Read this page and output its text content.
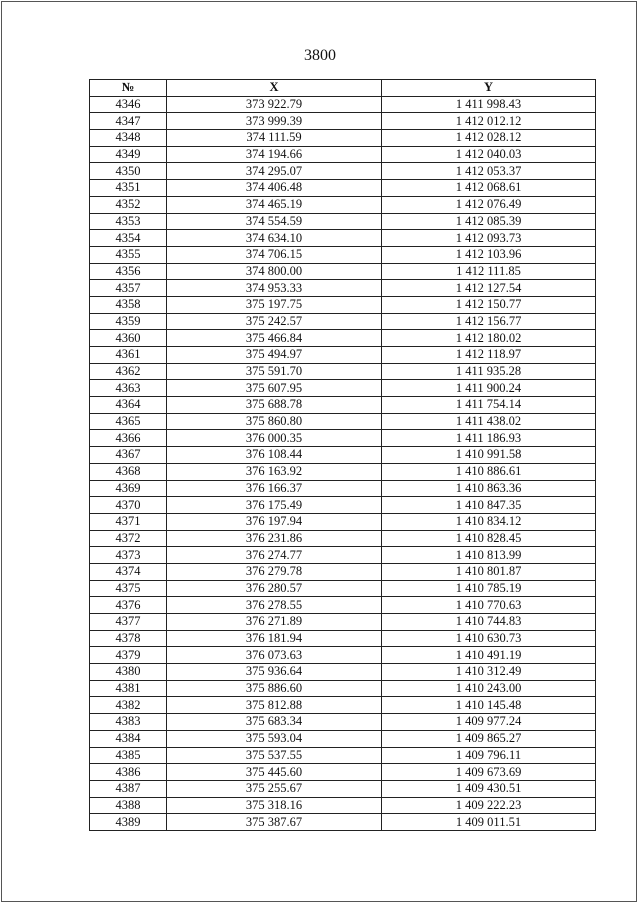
3800
№	X	Y
4346	373 922.79	1 411 998.43
4347	373 999.39	1 412 012.12
4348	374 111.59	1 412 028.12
4349	374 194.66	1 412 040.03
4350	374 295.07	1 412 053.37
4351	374 406.48	1 412 068.61
4352	374 465.19	1 412 076.49
4353	374 554.59	1 412 085.39
4354	374 634.10	1 412 093.73
4355	374 706.15	1 412 103.96
4356	374 800.00	1 412 111.85
4357	374 953.33	1 412 127.54
4358	375 197.75	1 412 150.77
4359	375 242.57	1 412 156.77
4360	375 466.84	1 412 180.02
4361	375 494.97	1 412 118.97
4362	375 591.70	1 411 935.28
4363	375 607.95	1 411 900.24
4364	375 688.78	1 411 754.14
4365	375 860.80	1 411 438.02
4366	376 000.35	1 411 186.93
4367	376 108.44	1 410 991.58
4368	376 163.92	1 410 886.61
4369	376 166.37	1 410 863.36
4370	376 175.49	1 410 847.35
4371	376 197.94	1 410 834.12
4372	376 231.86	1 410 828.45
4373	376 274.77	1 410 813.99
4374	376 279.78	1 410 801.87
4375	376 280.57	1 410 785.19
4376	376 278.55	1 410 770.63
4377	376 271.89	1 410 744.83
4378	376 181.94	1 410 630.73
4379	376 073.63	1 410 491.19
4380	375 936.64	1 410 312.49
4381	375 886.60	1 410 243.00
4382	375 812.88	1 410 145.48
4383	375 683.34	1 409 977.24
4384	375 593.04	1 409 865.27
4385	375 537.55	1 409 796.11
4386	375 445.60	1 409 673.69
4387	375 255.67	1 409 430.51
4388	375 318.16	1 409 222.23
4389	375 387.67	1 409 011.51
